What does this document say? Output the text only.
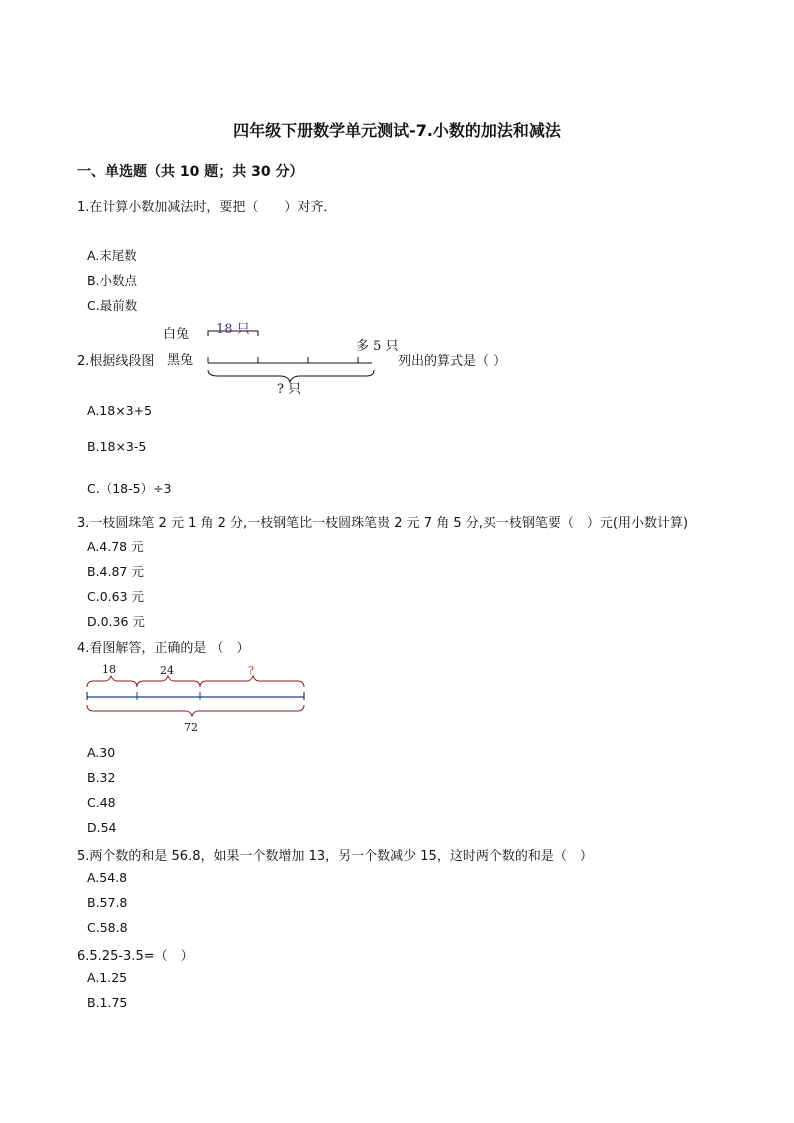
四年级下册数学单元测试-7.小数的加法和减法
一、单选题（共 10 题；共 30 分）
1.在计算小数加减法时，要把（　　）对齐．
A.末尾数
B.小数点
C.最前数
2.根据线段图
白兔
黑兔
18 只
多 5 只
? 只
列出的算式是（ ）
A.18×3+5
B.18×3-5
C.（18-5）÷3
3.一枝圆珠笔 2 元 1 角 2 分,一枝钢笔比一枝圆珠笔贵 2 元 7 角 5 分,买一枝钢笔要（　）元(用小数计算)
A.4.78 元
B.4.87 元
C.0.63 元
D.0.36 元
4.看图解答，正确的是 （　）
18	24	?
72
A.30
B.32
C.48
D.54
5.两个数的和是 56.8，如果一个数增加 13，另一个数减少 15，这时两个数的和是（　）
A.54.8
B.57.8
C.58.8
6.5.25-3.5=（　）
A.1.25
B.1.75
